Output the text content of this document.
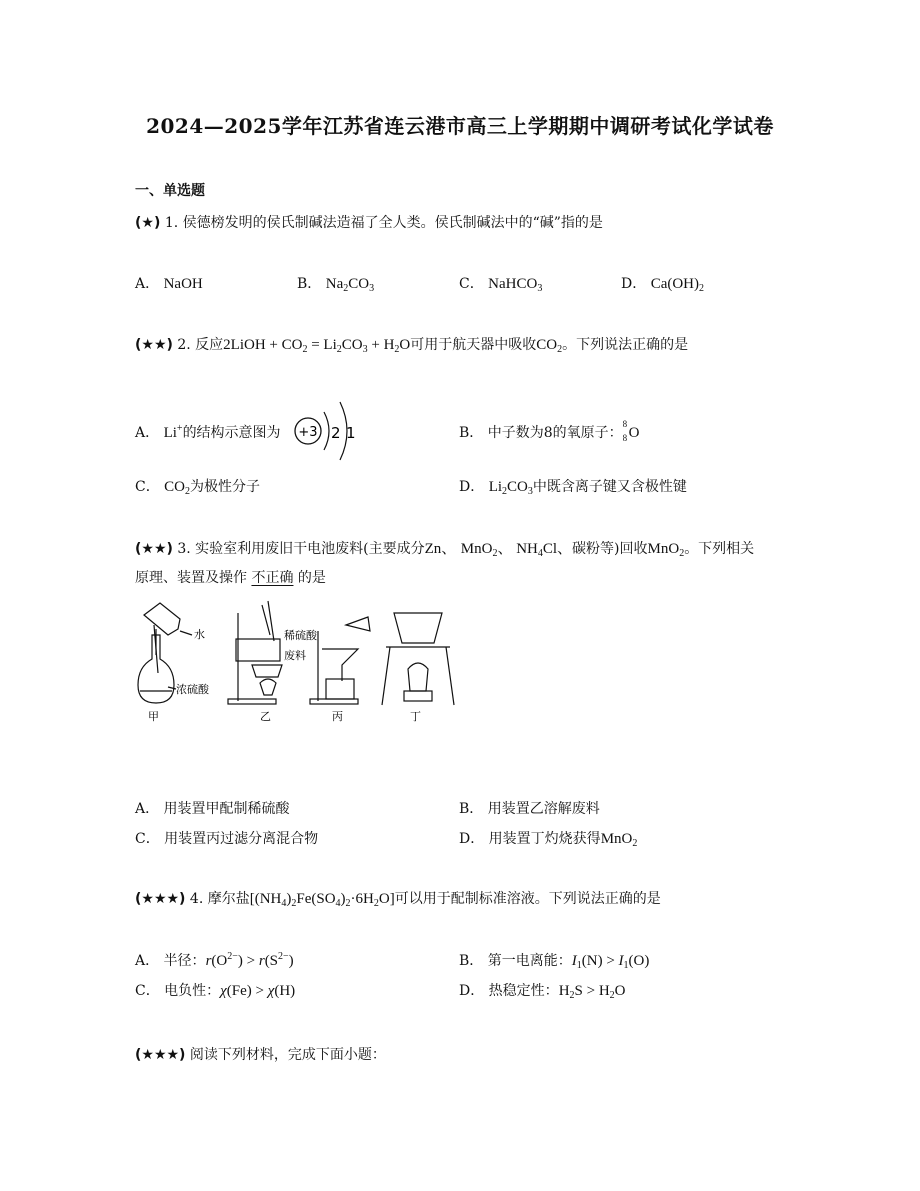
2024—2025学年江苏省连云港市高三上学期期中调研考试化学试卷
一、单选题
(★) 1. 侯德榜发明的侯氏制碱法造福了全人类。侯氏制碱法中的“碱”指的是
A． NaOH	B． $Na_2CO_3$	C． NaHCO$_3$	D． $Ca(OH)_2$
(★★) 2. 反应2LiOH + $CO_2 = Li_2CO_3 + H_2O$可用于航天器中吸收$CO_2$。下列说法正确的是
A． Li+的结构示意图为 +3 2 1	B． 中子数为8的氧原子：
8
8 O
C． $CO_2$为极性分子	D． $Li_2CO_3$中既含离子键又含极性键
(★★) 3. 实验室利用废旧干电池废料(主要成分Zn、 MnO$_2$、 $NH_4Cl$、碳粉等)回收MnO$_2$。下列相关
原理、装置及操作 不正确 的是
水
浓硫酸
甲
稀硫酸
废料
乙	丙	丁
A． 用装置甲配制稀硫酸	B． 用装置乙溶解废料
C． 用装置丙过滤分离混合物	D． 用装置丁灼烧获得MnO$_2$
(★★★) 4. 摩尔盐$[(NH_4)_2Fe(SO_4)_2\cdot 6H_2O]$可以用于配制标准溶液。下列说法正确的是
A． 半径：$r(O^{2-}) > r(S^{2-})$	B． 第一电离能：$I_1(N) > I_1(O)$
C． 电负性：χ(Fe) > χ(H)	D． 热稳定性：$H_2S > H_2O$
(★★★) 阅读下列材料，完成下面小题：
